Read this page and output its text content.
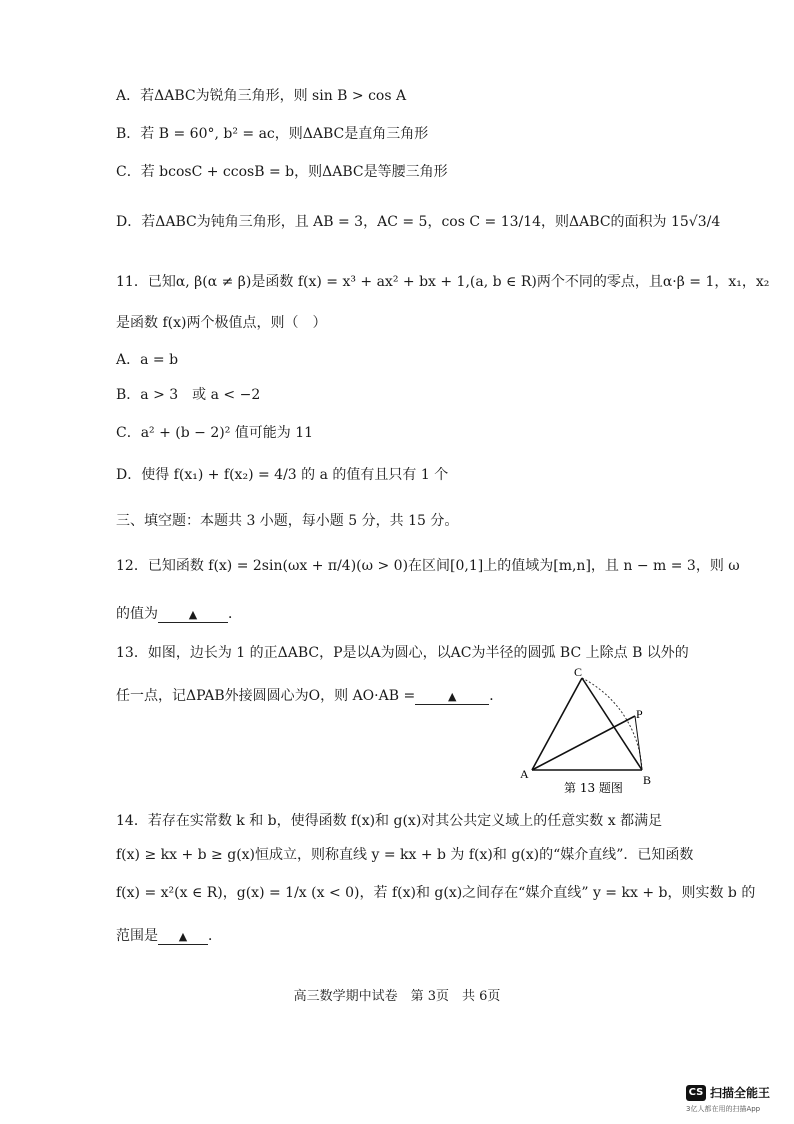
A．若ΔABC为锐角三角形，则 sin B > cos A
B．若 B = 60°, b² = ac，则ΔABC是直角三角形
C．若 bcosC + ccosB = b，则ΔABC是等腰三角形
D．若ΔABC为钝角三角形，且 AB = 3，AC = 5，cos C = 13/14，则ΔABC的面积为 15√3/4
11．已知α, β(α ≠ β)是函数 f(x) = x³ + ax² + bx + 1,(a, b ∈ R)两个不同的零点，且α·β = 1，x₁，x₂
是函数 f(x)两个极值点，则（　）
A．a = b
B．a > 3　或 a < −2
C．a² + (b − 2)² 值可能为 11
D．使得 f(x₁) + f(x₂) = 4/3 的 a 的值有且只有 1 个
三、填空题：本题共 3 小题，每小题 5 分，共 15 分。
12．已知函数 f(x) = 2sin(ωx + π/4)(ω > 0)在区间[0,1]上的值域为[m,n]，且 n − m = 3，则 ω
的值为	▲ ．
13．如图，边长为 1 的正ΔABC，P是以A为圆心，以AC为半径的圆弧 BC 上除点 B 以外的
任一点，记ΔPAB外接圆圆心为O，则 AO·AB =	▲ ．
A	B
C
P
第 13 题图
14．若存在实常数 k 和 b，使得函数 f(x)和 g(x)对其公共定义域上的任意实数 x 都满足
f(x) ≥ kx + b ≥ g(x)恒成立，则称直线 y = kx + b 为 f(x)和 g(x)的“媒介直线”．已知函数
f(x) = x²(x ∈ R)，g(x) = 1/x (x < 0)，若 f(x)和 g(x)之间存在“媒介直线” y = kx + b，则实数 b 的
范围是 ▲ ．
高三数学期中试卷　第 3页　共 6页
CS 扫描全能王
3亿人都在用的扫描App
